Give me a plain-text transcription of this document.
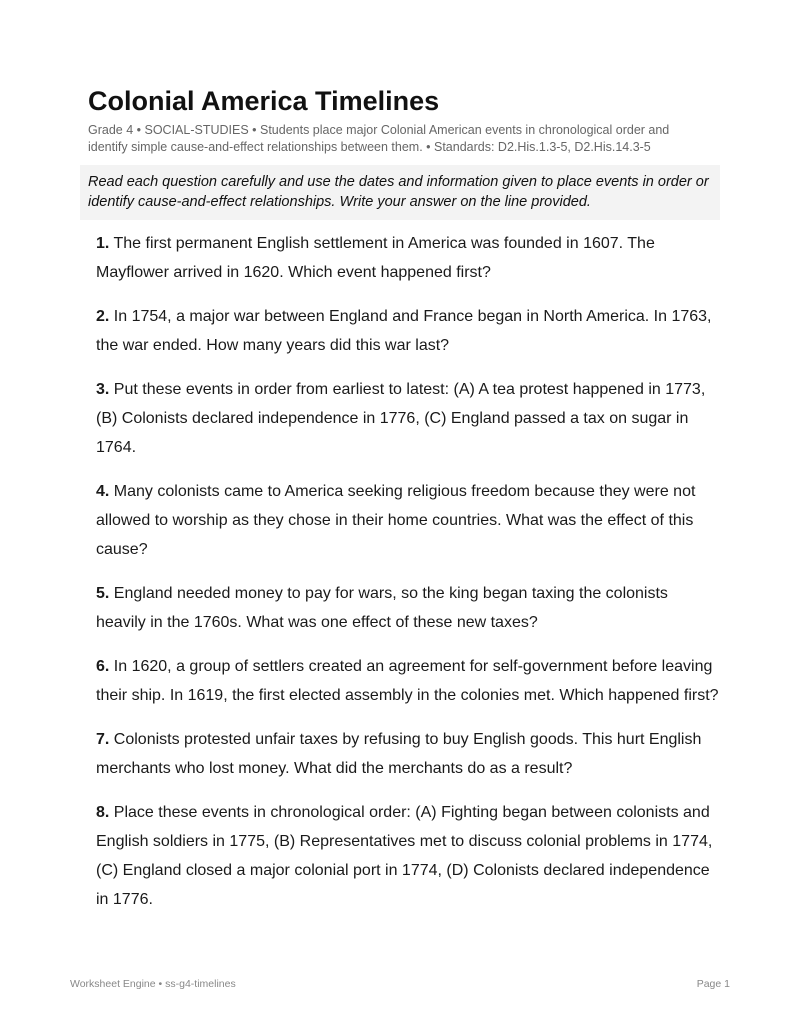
Colonial America Timelines
Grade 4 • SOCIAL-STUDIES • Students place major Colonial American events in chronological order and identify simple cause-and-effect relationships between them. • Standards: D2.His.1.3-5, D2.His.14.3-5
Read each question carefully and use the dates and information given to place events in order or identify cause-and-effect relationships. Write your answer on the line provided.
1. The first permanent English settlement in America was founded in 1607. The Mayflower arrived in 1620. Which event happened first?
2. In 1754, a major war between England and France began in North America. In 1763, the war ended. How many years did this war last?
3. Put these events in order from earliest to latest: (A) A tea protest happened in 1773, (B) Colonists declared independence in 1776, (C) England passed a tax on sugar in 1764.
4. Many colonists came to America seeking religious freedom because they were not allowed to worship as they chose in their home countries. What was the effect of this cause?
5. England needed money to pay for wars, so the king began taxing the colonists heavily in the 1760s. What was one effect of these new taxes?
6. In 1620, a group of settlers created an agreement for self-government before leaving their ship. In 1619, the first elected assembly in the colonies met. Which happened first?
7. Colonists protested unfair taxes by refusing to buy English goods. This hurt English merchants who lost money. What did the merchants do as a result?
8. Place these events in chronological order: (A) Fighting began between colonists and English soldiers in 1775, (B) Representatives met to discuss colonial problems in 1774, (C) England closed a major colonial port in 1774, (D) Colonists declared independence in 1776.
Worksheet Engine • ss-g4-timelines	Page 1
